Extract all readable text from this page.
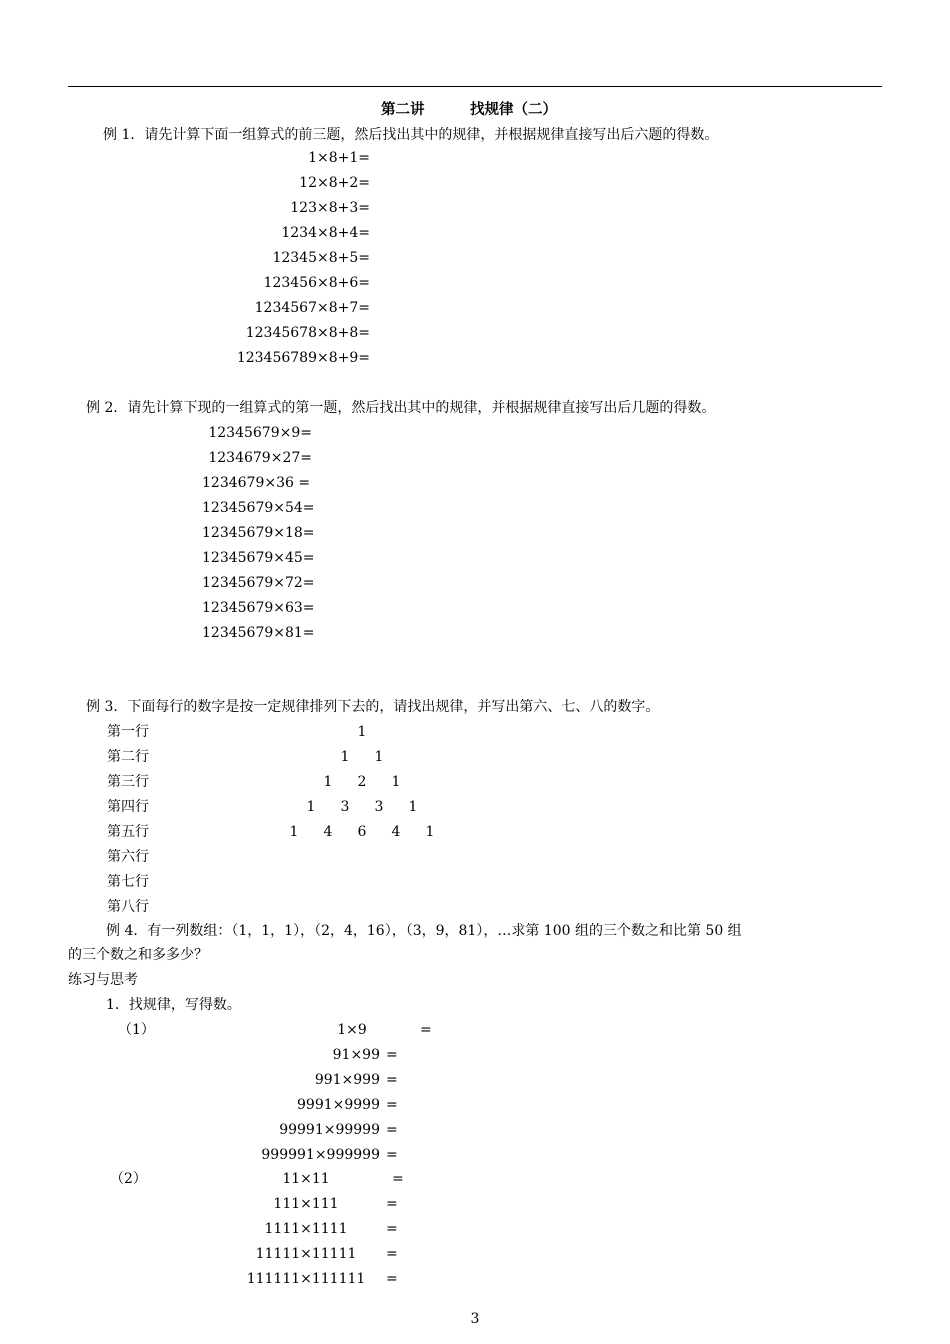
第二讲	找规律（二）
例 1．请先计算下面一组算式的前三题，然后找出其中的规律，并根据规律直接写出后六题的得数。
1×8+1=
12×8+2=
123×8+3=
1234×8+4=
12345×8+5=
123456×8+6=
1234567×8+7=
12345678×8+8=
123456789×8+9=
例 2．请先计算下现的一组算式的第一题，然后找出其中的规律，并根据规律直接写出后几题的得数。
12345679×9=
1234679×27=
1234679×36 =
12345679×54=
12345679×18=
12345679×45=
12345679×72=
12345679×63=
12345679×81=
例 3．下面每行的数字是按一定规律排列下去的，请找出规律，并写出第六、七、八的数字。
第一行	1
第二行	1	1
第三行	1	2	1
第四行	1	3	3	1
第五行	1	4	6	4	1
第六行
第七行
第八行
例 4．有一列数组：（1，1，1），（2，4，16），（3，9，81），…求第 100 组的三个数之和比第 50 组
的三个数之和多多少？
练习与思考
1．找规律，写得数。
（1）	1×9	=
91×99 =
991×999 =
9991×9999 =
99991×99999 =
999991×999999 =
（2）	11×11	=
111×111	=
1111×1111	=
11111×11111	=
111111×111111	=
3
